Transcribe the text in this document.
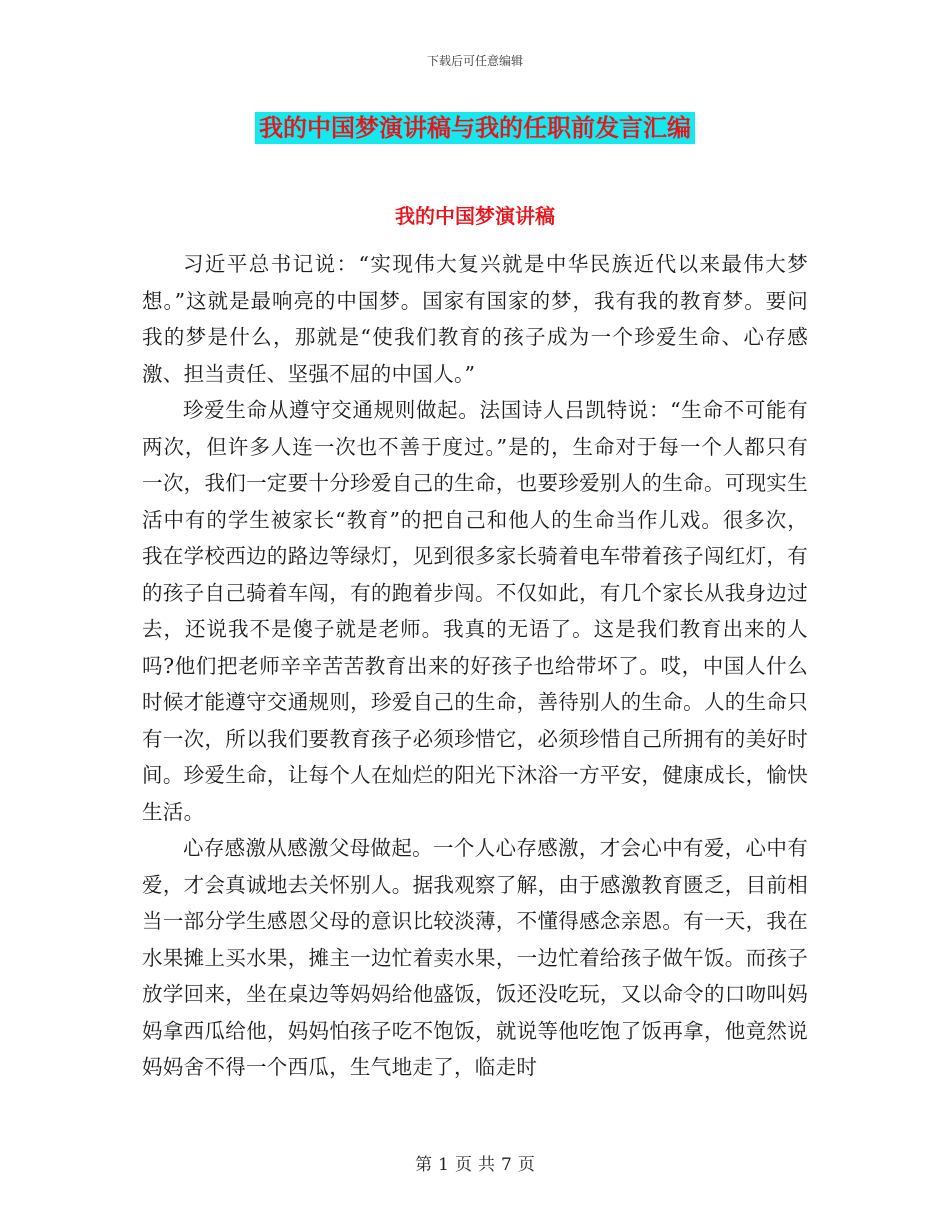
下载后可任意编辑
我的中国梦演讲稿与我的任职前发言汇编
我的中国梦演讲稿

习近平总书记说：“实现伟大复兴就是中华民族近代以来最伟大梦想。”这就是最响亮的中国梦。国家有国家的梦，我有我的教育梦。要问我的梦是什么，那就是“使我们教育的孩子成为一个珍爱生命、心存感激、担当责任、坚强不屈的中国人。”

珍爱生命从遵守交通规则做起。法国诗人吕凯特说：“生命不可能有两次，但许多人连一次也不善于度过。”是的，生命对于每一个人都只有一次，我们一定要十分珍爱自己的生命，也要珍爱别人的生命。可现实生活中有的学生被家长“教育”的把自己和他人的生命当作儿戏。很多次，我在学校西边的路边等绿灯，见到很多家长骑着电车带着孩子闯红灯，有的孩子自己骑着车闯，有的跑着步闯。不仅如此，有几个家长从我身边过去，还说我不是傻子就是老师。我真的无语了。这是我们教育出来的人吗?他们把老师辛辛苦苦教育出来的好孩子也给带坏了。哎，中国人什么时候才能遵守交通规则，珍爱自己的生命，善待别人的生命。人的生命只有一次，所以我们要教育孩子必须珍惜它，必须珍惜自己所拥有的美好时间。珍爱生命，让每个人在灿烂的阳光下沐浴一方平安，健康成长，愉快生活。

心存感激从感激父母做起。一个人心存感激，才会心中有爱，心中有爱，才会真诚地去关怀别人。据我观察了解，由于感激教育匮乏，目前相当一部分学生感恩父母的意识比较淡薄，不懂得感念亲恩。有一天，我在水果摊上买水果，摊主一边忙着卖水果，一边忙着给孩子做午饭。而孩子放学回来，坐在桌边等妈妈给他盛饭，饭还没吃玩，又以命令的口吻叫妈妈拿西瓜给他，妈妈怕孩子吃不饱饭，就说等他吃饱了饭再拿，他竟然说妈妈舍不得一个西瓜，生气地走了，临走时

第 1 页 共 7 页
